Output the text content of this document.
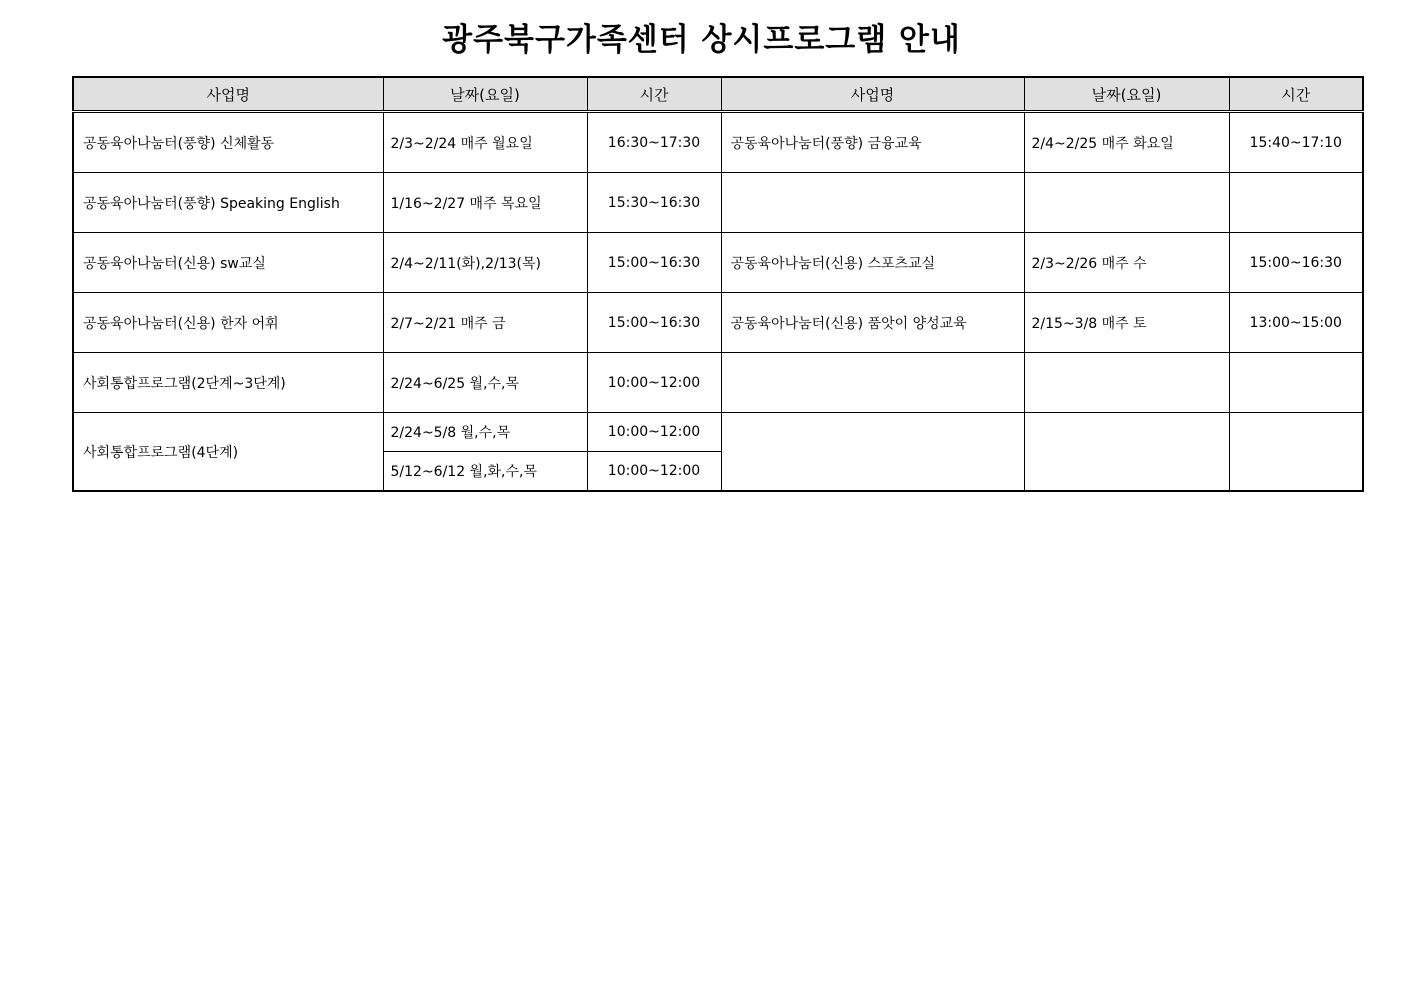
광주북구가족센터 상시프로그램 안내
사업명	날짜(요일)	시간	사업명	날짜(요일)	시간
공동육아나눔터(풍향) 신체활동	2/3~2/24 매주 월요일	16:30~17:30	공동육아나눔터(풍향) 금융교육	2/4~2/25 매주 화요일	15:40~17:10
공동육아나눔터(풍향) Speaking English	1/16~2/27 매주 목요일	15:30~16:30			
공동육아나눔터(신용) sw교실	2/4~2/11(화),2/13(목)	15:00~16:30	공동육아나눔터(신용) 스포츠교실	2/3~2/26 매주 수	15:00~16:30
공동육아나눔터(신용) 한자 어휘	2/7~2/21 매주 금	15:00~16:30	공동육아나눔터(신용) 품앗이 양성교육	2/15~3/8 매주 토	13:00~15:00
사회통합프로그램(2단계~3단계)	2/24~6/25 월,수,목	10:00~12:00			
사회통합프로그램(4단계)	2/24~5/8 월,수,목	10:00~12:00			
	5/12~6/12 월,화,수,목	10:00~12:00			
